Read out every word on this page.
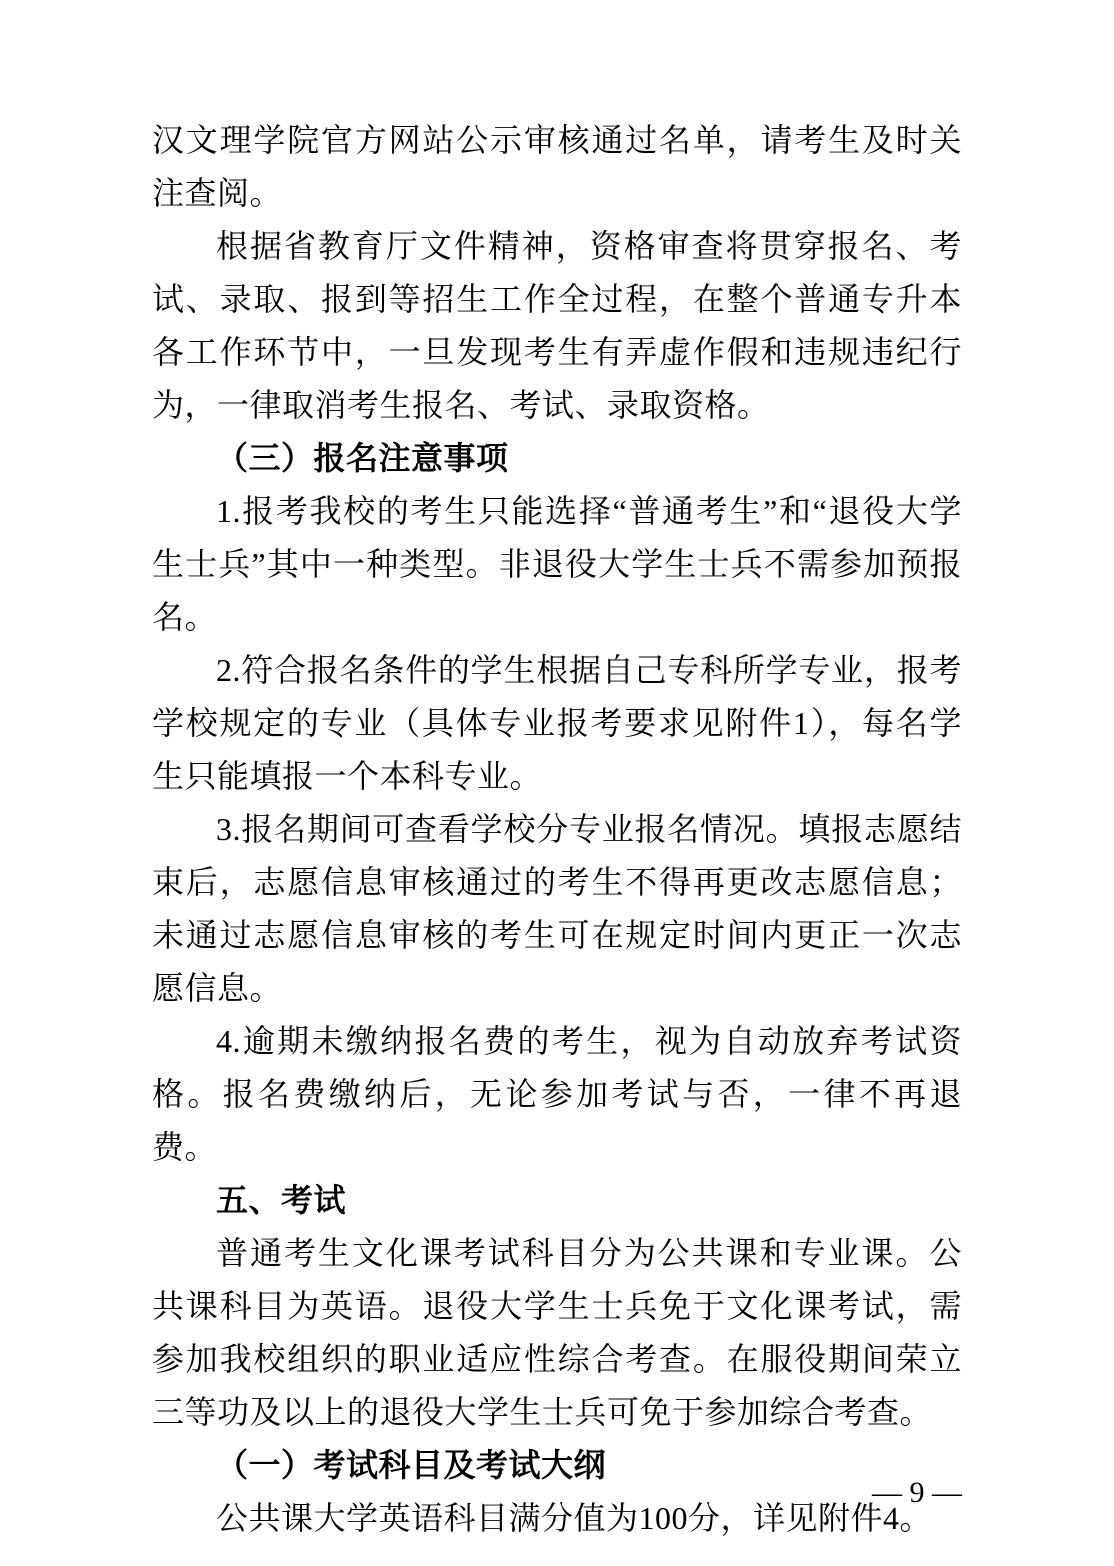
汉文理学院官方网站公示审核通过名单，请考生及时关注查阅。

根据省教育厅文件精神，资格审查将贯穿报名、考试、录取、报到等招生工作全过程，在整个普通专升本各工作环节中，一旦发现考生有弄虚作假和违规违纪行为，一律取消考生报名、考试、录取资格。

（三）报名注意事项

1.报考我校的考生只能选择“普通考生”和“退役大学生士兵”其中一种类型。非退役大学生士兵不需参加预报名。

2.符合报名条件的学生根据自己专科所学专业，报考学校规定的专业（具体专业报考要求见附件1），每名学生只能填报一个本科专业。

3.报名期间可查看学校分专业报名情况。填报志愿结束后，志愿信息审核通过的考生不得再更改志愿信息；未通过志愿信息审核的考生可在规定时间内更正一次志愿信息。

4.逾期未缴纳报名费的考生，视为自动放弃考试资格。报名费缴纳后，无论参加考试与否，一律不再退费。

五、考试

普通考生文化课考试科目分为公共课和专业课。公共课科目为英语。退役大学生士兵免于文化课考试，需参加我校组织的职业适应性综合考查。在服役期间荣立三等功及以上的退役大学生士兵可免于参加综合考查。

（一）考试科目及考试大纲

公共课大学英语科目满分值为100分，详见附件4。

— 9 —
